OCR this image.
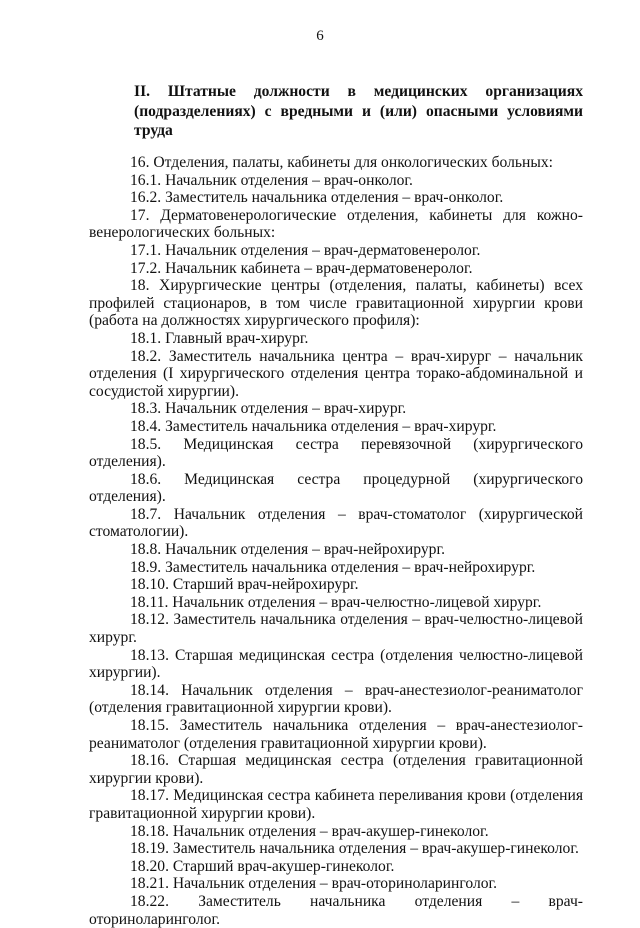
6
II. Штатные должности в медицинских организациях (подразделениях) с вредными и (или) опасными условиями труда

16. Отделения, палаты, кабинеты для онкологических больных:

16.1. Начальник отделения – врач-онколог.

16.2. Заместитель начальника отделения – врач-онколог.

17. Дерматовенерологические отделения, кабинеты для кожно-венерологических больных:

17.1. Начальник отделения – врач-дерматовенеролог.

17.2. Начальник кабинета – врач-дерматовенеролог.

18. Хирургические центры (отделения, палаты, кабинеты) всех профилей стационаров, в том числе гравитационной хирургии крови (работа на должностях хирургического профиля):

18.1. Главный врач-хирург.

18.2. Заместитель начальника центра – врач-хирург – начальник отделения (I хирургического отделения центра торако-абдоминальной и сосудистой хирургии).

18.3. Начальник отделения – врач-хирург.

18.4. Заместитель начальника отделения – врач-хирург.

18.5. Медицинская сестра перевязочной (хирургического отделения).

18.6. Медицинская сестра процедурной (хирургического отделения).

18.7. Начальник отделения – врач-стоматолог (хирургической стоматологии).

18.8. Начальник отделения – врач-нейрохирург.

18.9. Заместитель начальника отделения – врач-нейрохирург.

18.10. Старший врач-нейрохирург.

18.11. Начальник отделения – врач-челюстно-лицевой хирург.

18.12. Заместитель начальника отделения – врач-челюстно-лицевой хирург.

18.13. Старшая медицинская сестра (отделения челюстно-лицевой хирургии).

18.14. Начальник отделения – врач-анестезиолог-реаниматолог (отделения гравитационной хирургии крови).

18.15. Заместитель начальника отделения – врач-анестезиолог-реаниматолог (отделения гравитационной хирургии крови).

18.16. Старшая медицинская сестра (отделения гравитационной хирургии крови).

18.17. Медицинская сестра кабинета переливания крови (отделения гравитационной хирургии крови).

18.18. Начальник отделения – врач-акушер-гинеколог.

18.19. Заместитель начальника отделения – врач-акушер-гинеколог.

18.20. Старший врач-акушер-гинеколог.

18.21. Начальник отделения – врач-оториноларинголог.

18.22. Заместитель начальника отделения – врач-оториноларинголог.
